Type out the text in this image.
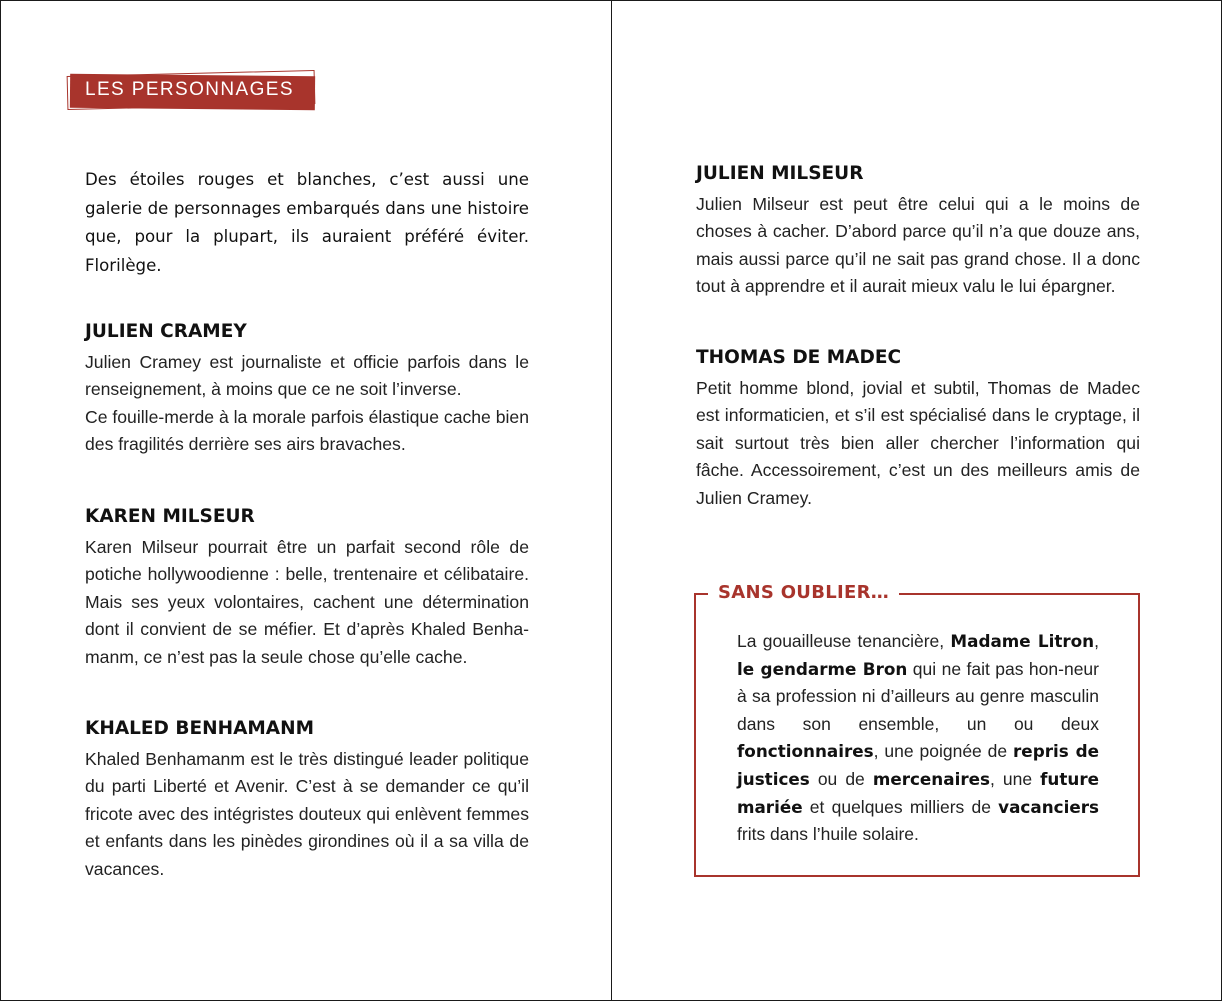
LES PERSONNAGES

Des étoiles rouges et blanches, c’est aussi une galerie de personnages embarqués dans une histoire que, pour la plupart, ils auraient préféré éviter. Florilège.

JULIEN CRAMEY

Julien Cramey est journaliste et officie parfois dans le renseignement, à moins que ce ne soit l’inverse.

Ce fouille-merde à la morale parfois élastique cache bien des fragilités derrière ses airs bravaches.

KAREN MILSEUR

Karen Milseur pourrait être un parfait second rôle de potiche hollywoodienne : belle, trentenaire et célibataire. Mais ses yeux volontaires, cachent une détermination dont il convient de se méfier. Et d’après Khaled Benha-manm, ce n’est pas la seule chose qu’elle cache.

KHALED BENHAMANM

Khaled Benhamanm est le très distingué leader politique du parti Liberté et Avenir. C’est à se demander ce qu’il fricote avec des intégristes douteux qui enlèvent femmes et enfants dans les pinèdes girondines où il a sa villa de vacances.

JULIEN MILSEUR

Julien Milseur est peut être celui qui a le moins de choses à cacher. D’abord parce qu’il n’a que douze ans, mais aussi parce qu’il ne sait pas grand chose. Il a donc tout à apprendre et il aurait mieux valu le lui épargner.

THOMAS DE MADEC

Petit homme blond, jovial et subtil, Thomas de Madec est informaticien, et s’il est spécialisé dans le cryptage, il sait surtout très bien aller chercher l’information qui fâche. Accessoirement, c’est un des meilleurs amis de Julien Cramey.

SANS OUBLIER…

La gouailleuse tenancière, Madame Litron, le gendarme Bron qui ne fait pas hon-neur à sa profession ni d’ailleurs au genre masculin dans son ensemble, un ou deux fonctionnaires, une poignée de repris de justices ou de mercenaires, une future mariée et quelques milliers de vacanciers frits dans l’huile solaire.
